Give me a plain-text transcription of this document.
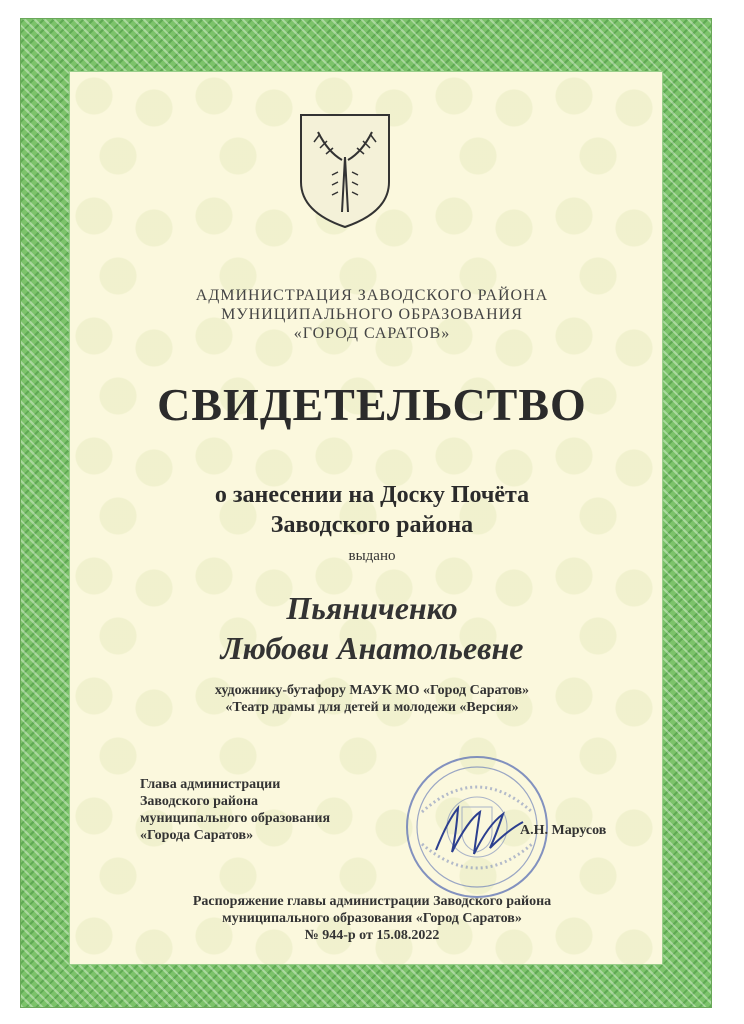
АДМИНИСТРАЦИЯ ЗАВОДСКОГО РАЙОНА
МУНИЦИПАЛЬНОГО ОБРАЗОВАНИЯ
«ГОРОД САРАТОВ»
СВИДЕТЕЛЬСТВО
о занесении на Доску Почёта
Заводского района
выдано
Пьяниченко
Любови Анатольевне
художнику-бутафору МАУК МО «Город Саратов»
«Театр драмы для детей и молодежи «Версия»
Глава администрации
Заводского района
муниципального образования
«Города Саратов»	А.Н. Марусов
Распоряжение главы администрации Заводского района
муниципального образования «Город Саратов»
№ 944-р от 15.08.2022
